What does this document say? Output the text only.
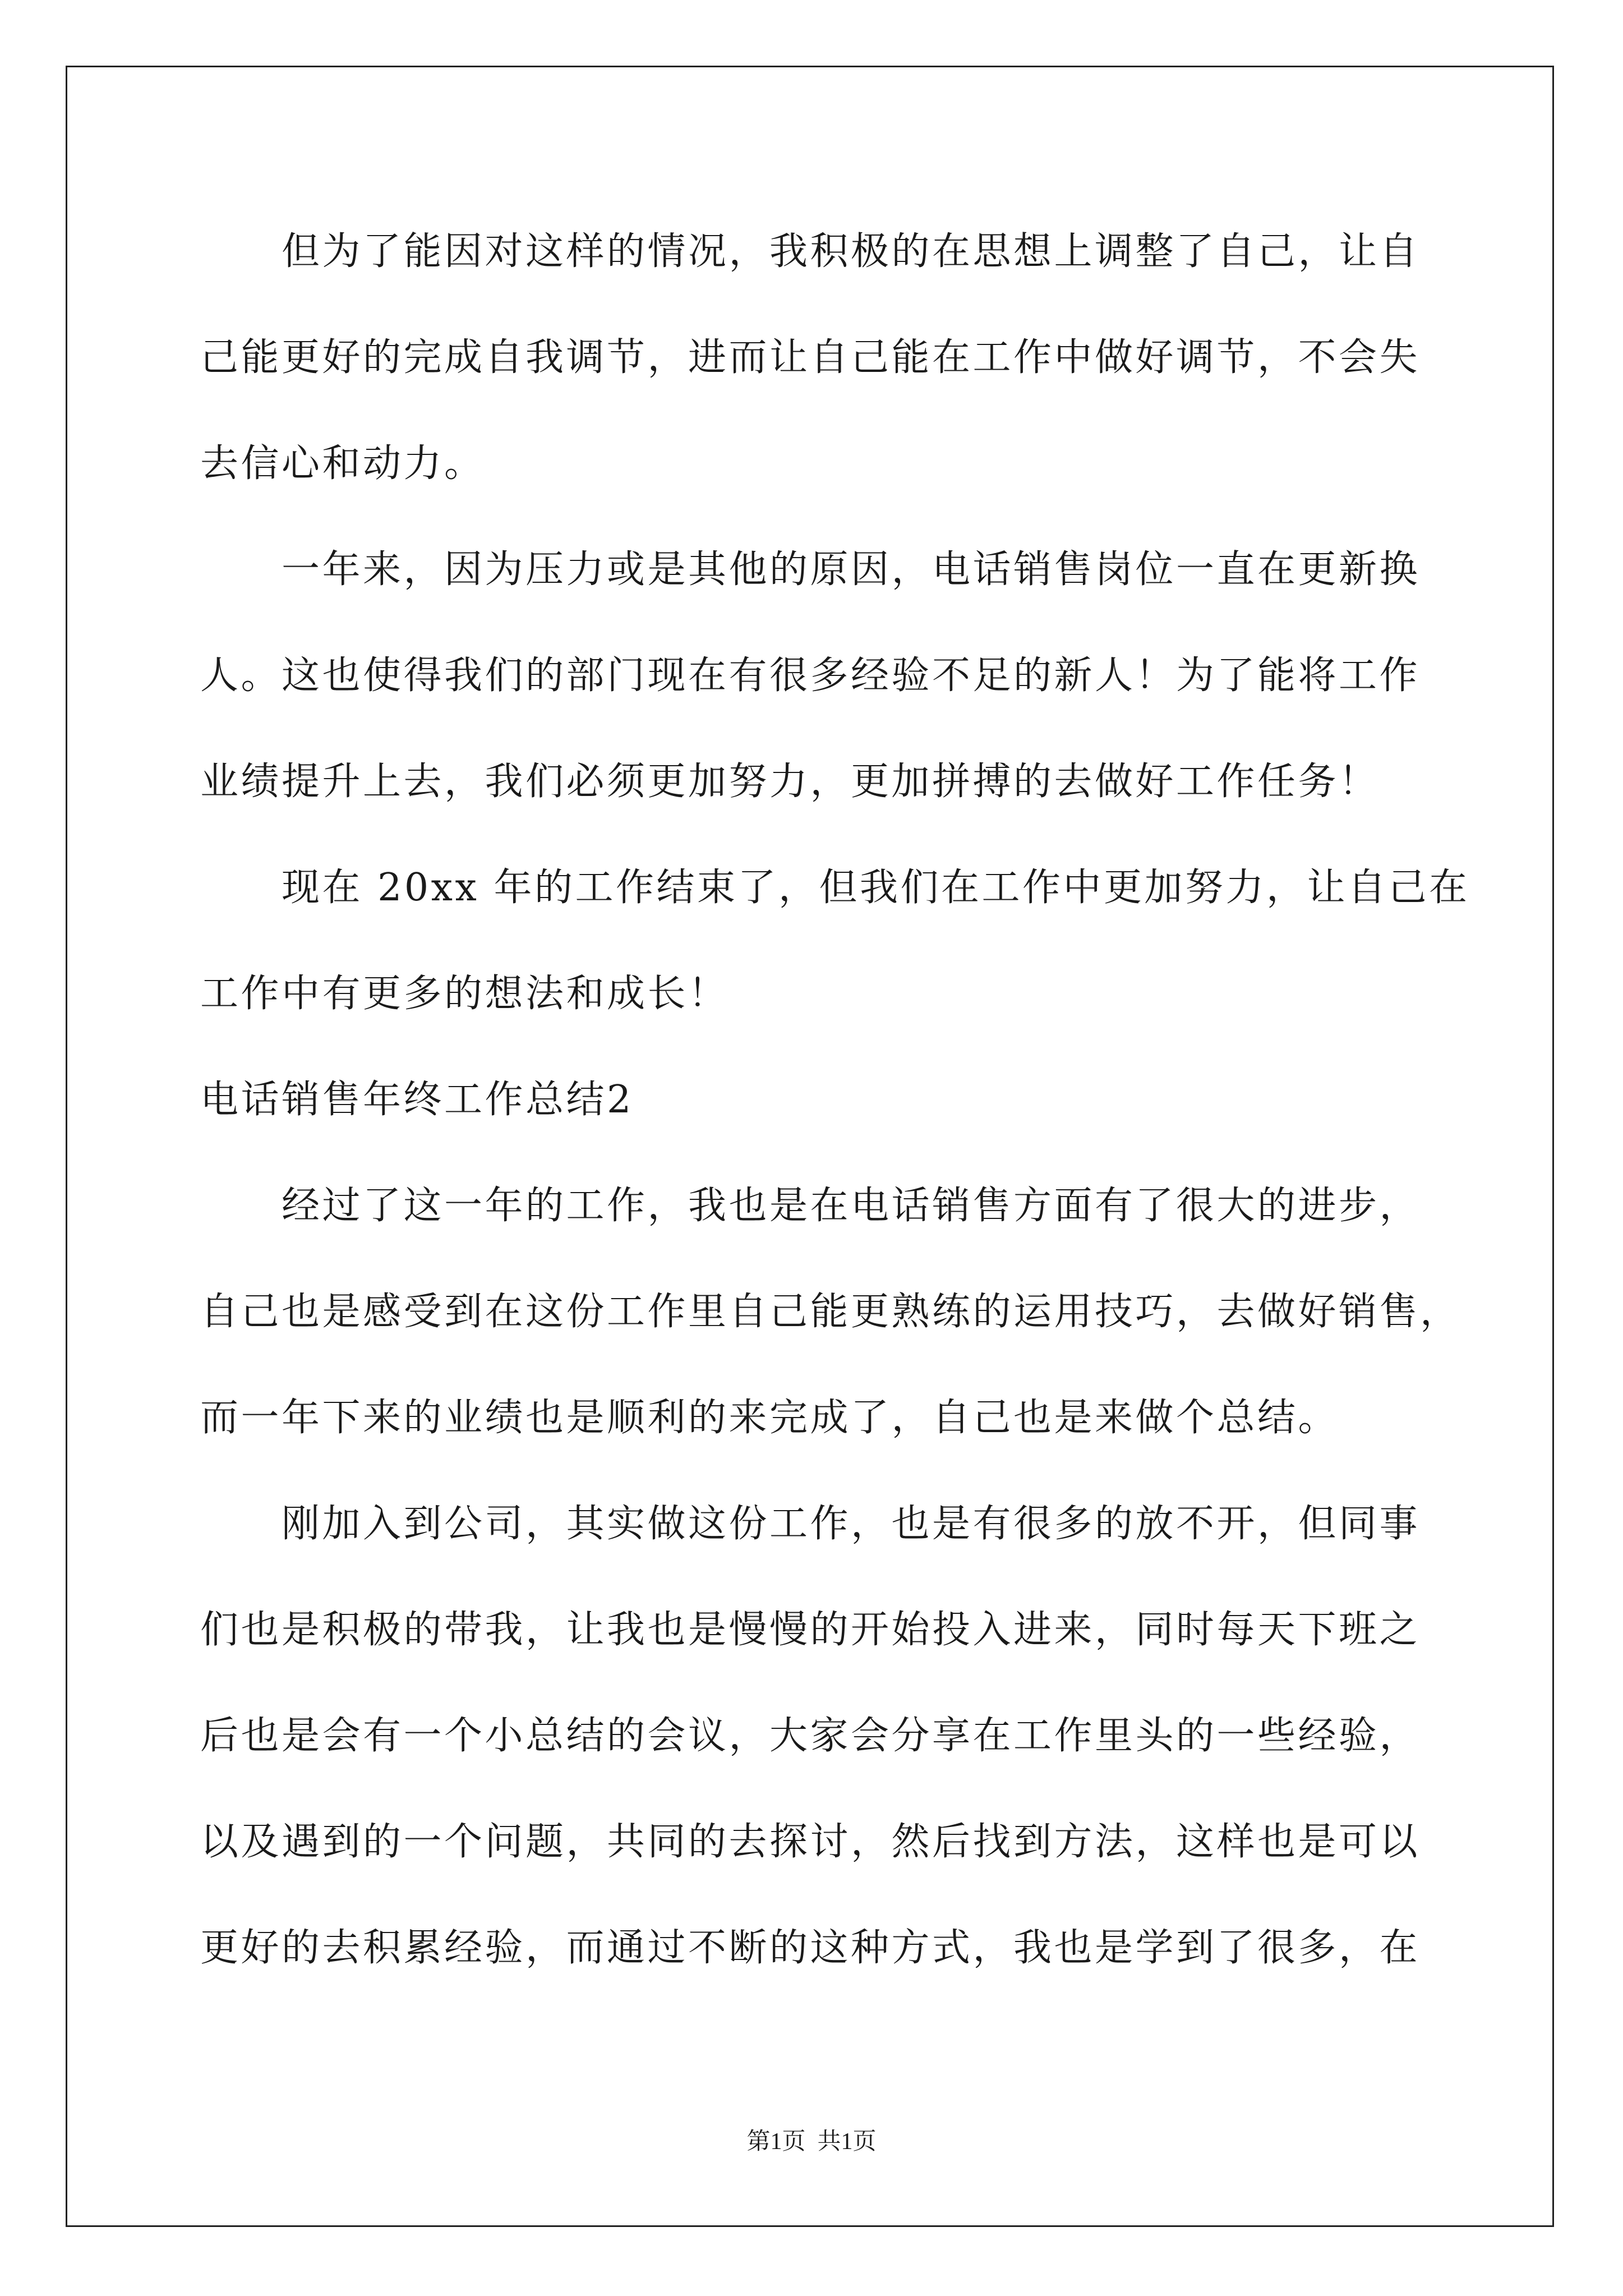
但为了能因对这样的情况，我积极的在思想上调整了自己，让自
己能更好的完成自我调节，进而让自己能在工作中做好调节，不会失
去信心和动力。
一年来，因为压力或是其他的原因，电话销售岗位一直在更新换
人。这也使得我们的部门现在有很多经验不足的新人！为了能将工作
业绩提升上去，我们必须更加努力，更加拼搏的去做好工作任务！
现在 20xx 年的工作结束了，但我们在工作中更加努力，让自己在
工作中有更多的想法和成长！
电话销售年终工作总结2
经过了这一年的工作，我也是在电话销售方面有了很大的进步，
自己也是感受到在这份工作里自己能更熟练的运用技巧，去做好销售，
而一年下来的业绩也是顺利的来完成了，自己也是来做个总结。
刚加入到公司，其实做这份工作，也是有很多的放不开，但同事
们也是积极的带我，让我也是慢慢的开始投入进来，同时每天下班之
后也是会有一个小总结的会议，大家会分享在工作里头的一些经验，
以及遇到的一个问题，共同的去探讨，然后找到方法，这样也是可以
更好的去积累经验，而通过不断的这种方式，我也是学到了很多，在
第1页  共1页
